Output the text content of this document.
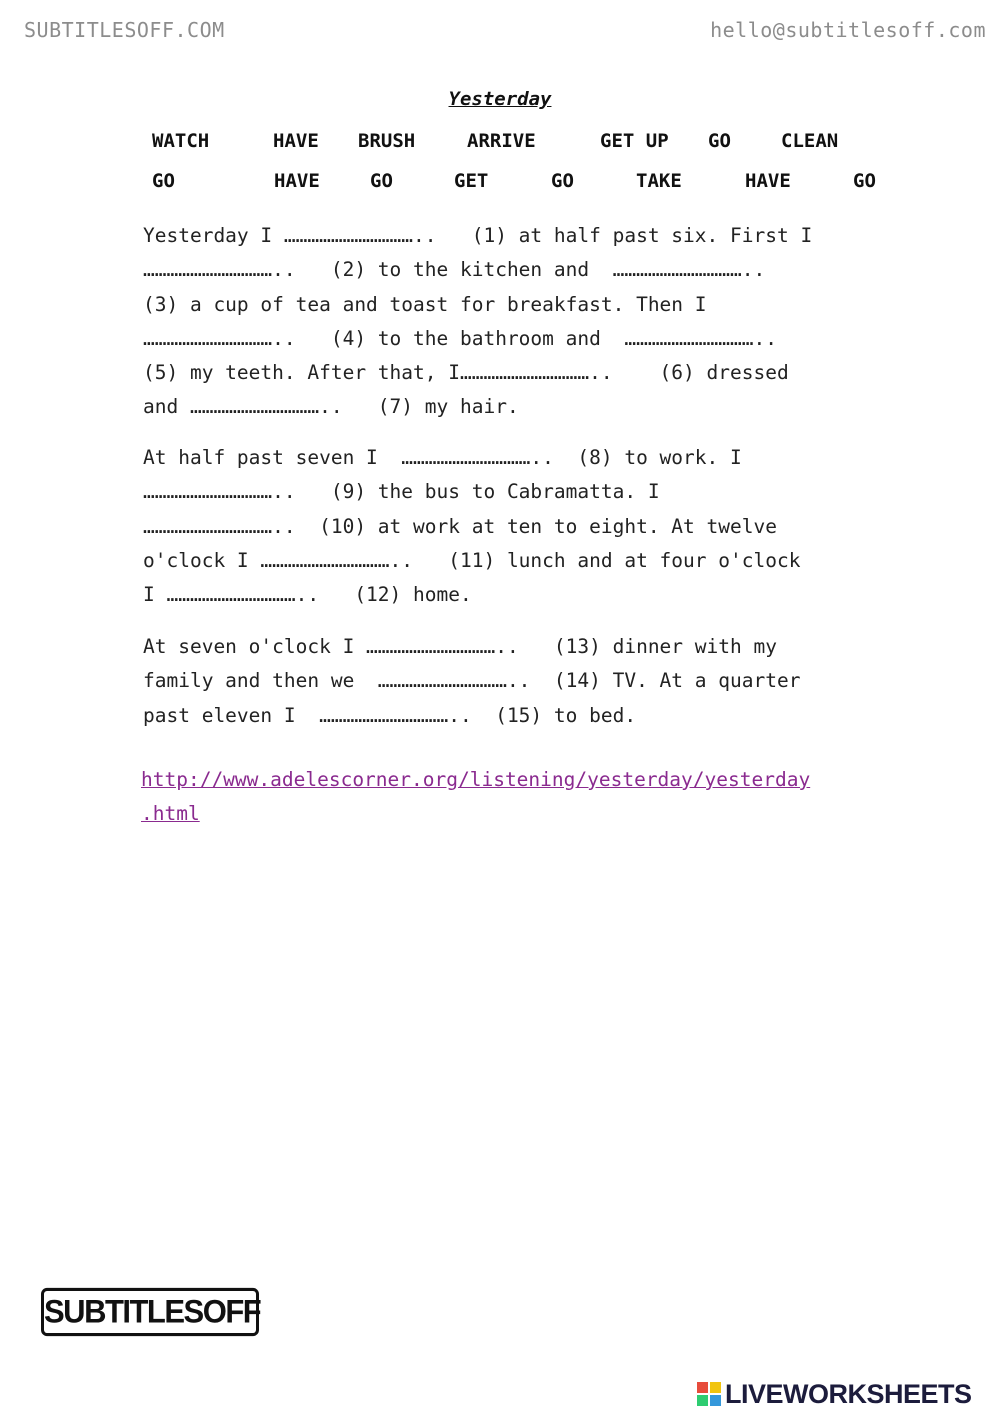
SUBTITLESOFF.COM	hello@subtitlesoff.com
Yesterday
WATCH	HAVE BRUSH	ARRIVE	GET UP GO	CLEAN
GO	HAVE	GO	GET	GO	TAKE	HAVE	GO
Yesterday I ……………………………..   (1) at half past six. First I
……………………………..   (2) to the kitchen and  ……………………………..
(3) a cup of tea and toast for breakfast. Then I
……………………………..   (4) to the bathroom and  ……………………………..
(5) my teeth. After that, I……………………………..    (6) dressed
and ……………………………..   (7) my hair.
At half past seven I  ……………………………..  (8) to work. I
……………………………..   (9) the bus to Cabramatta. I
……………………………..  (10) at work at ten to eight. At twelve
o'clock I ……………………………..   (11) lunch and at four o'clock
I ……………………………..   (12) home.
At seven o'clock I ……………………………..   (13) dinner with my
family and then we  ……………………………..  (14) TV. At a quarter
past eleven I  ……………………………..  (15) to bed.
http://www.adelescorner.org/listening/yesterday/yesterday
.html
SUBTITLESOFF
LIVEWORKSHEETS
